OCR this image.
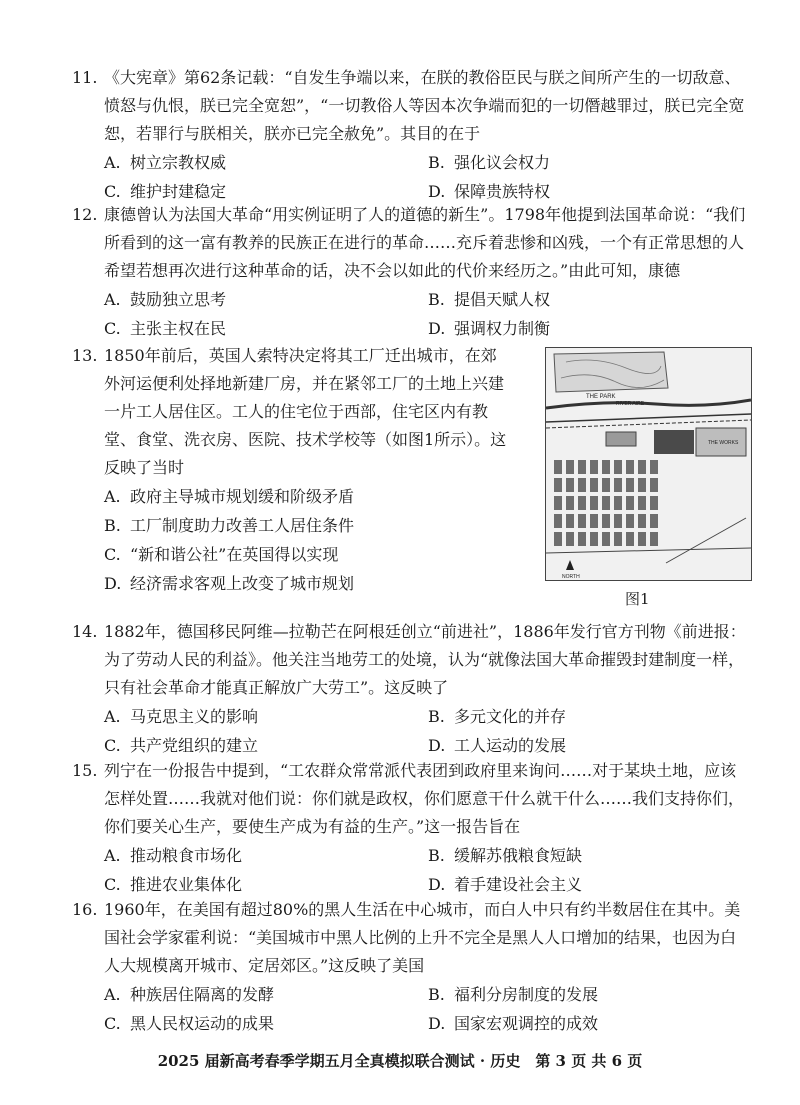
11. 《大宪章》第62条记载：“自发生争端以来，在朕的教俗臣民与朕之间所产生的一切敌意、愤怒与仇恨，朕已完全宽恕”，“一切教俗人等因本次争端而犯的一切僭越罪过，朕已完全宽恕，若罪行与朕相关，朕亦已完全赦免”。其目的在于

A. 树立宗教权威	B. 强化议会权力
C. 维护封建稳定	D. 保障贵族特权

12. 康德曾认为法国大革命“用实例证明了人的道德的新生”。1798年他提到法国革命说：“我们所看到的这一富有教养的民族正在进行的革命……充斥着悲惨和凶残，一个有正常思想的人希望若想再次进行这种革命的话，决不会以如此的代价来经历之。”由此可知，康德

A. 鼓励独立思考	B. 提倡天赋人权
C. 主张主权在民	D. 强调权力制衡

13. 1850年前后，英国人索特决定将其工厂迁出城市，在郊外河运便利处择地新建厂房，并在紧邻工厂的土地上兴建一片工人居住区。工人的住宅位于西部，住宅区内有教堂、食堂、洗衣房、医院、技术学校等（如图1所示）。这反映了当时

A. 政府主导城市规划缓和阶级矛盾
B. 工厂制度助力改善工人居住条件
C. “新和谐公社”在英国得以实现
D. 经济需求客观上改变了城市规划
THE PARK
RIVER AIRE
THE WORKS
NORTH
图1

14. 1882年，德国移民阿维—拉勒芒在阿根廷创立“前进社”，1886年发行官方刊物《前进报：为了劳动人民的利益》。他关注当地劳工的处境，认为“就像法国大革命摧毁封建制度一样，只有社会革命才能真正解放广大劳工”。这反映了

A. 马克思主义的影响	B. 多元文化的并存
C. 共产党组织的建立	D. 工人运动的发展

15. 列宁在一份报告中提到，“工农群众常常派代表团到政府里来询问……对于某块土地，应该怎样处置……我就对他们说：你们就是政权，你们愿意干什么就干什么……我们支持你们，你们要关心生产，要使生产成为有益的生产。”这一报告旨在

A. 推动粮食市场化	B. 缓解苏俄粮食短缺
C. 推进农业集体化	D. 着手建设社会主义

16. 1960年，在美国有超过80%的黑人生活在中心城市，而白人中只有约半数居住在其中。美国社会学家霍利说：“美国城市中黑人比例的上升不完全是黑人人口增加的结果，也因为白人大规模离开城市、定居郊区。”这反映了美国

A. 种族居住隔离的发酵	B. 福利分房制度的发展
C. 黑人民权运动的成果	D. 国家宏观调控的成效
2025 届新高考春季学期五月全真模拟联合测试 · 历史　第 3 页 共 6 页
